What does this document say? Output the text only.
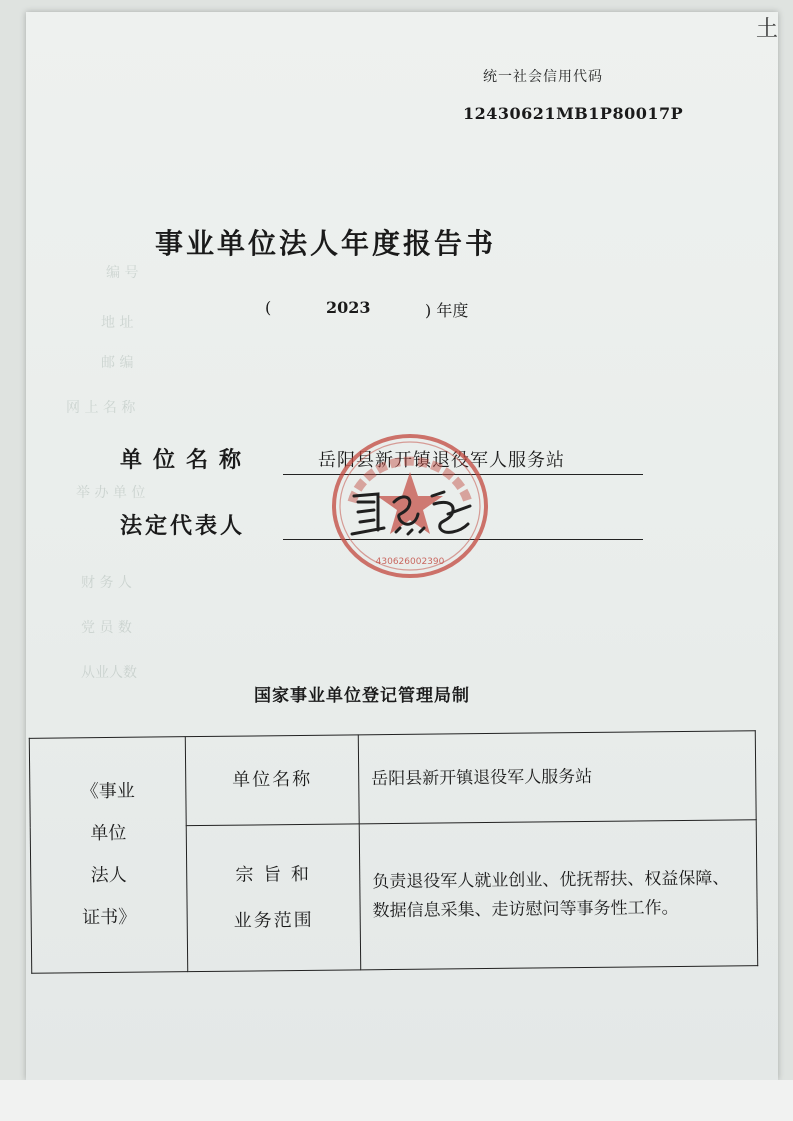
编 号
地 址
邮 编
网 上 名 称
举 办 单 位
财 务 人
党 员 数
从业人数
⼟
统一社会信用代码
12430621MB1P80017P
事业单位法人年度报告书
(	2023	) 年度
单位名称	岳阳县新开镇退役军人服务站
法定代表人
430626002390
国家事业单位登记管理局制
《事业
单位
法人
证书》	单位名称	岳阳县新开镇退役军人服务站

	宗 旨 和
业务范围	负责退役军人就业创业、优抚帮扶、权益保障、数据信息采集、走访慰问等事务性工作。
